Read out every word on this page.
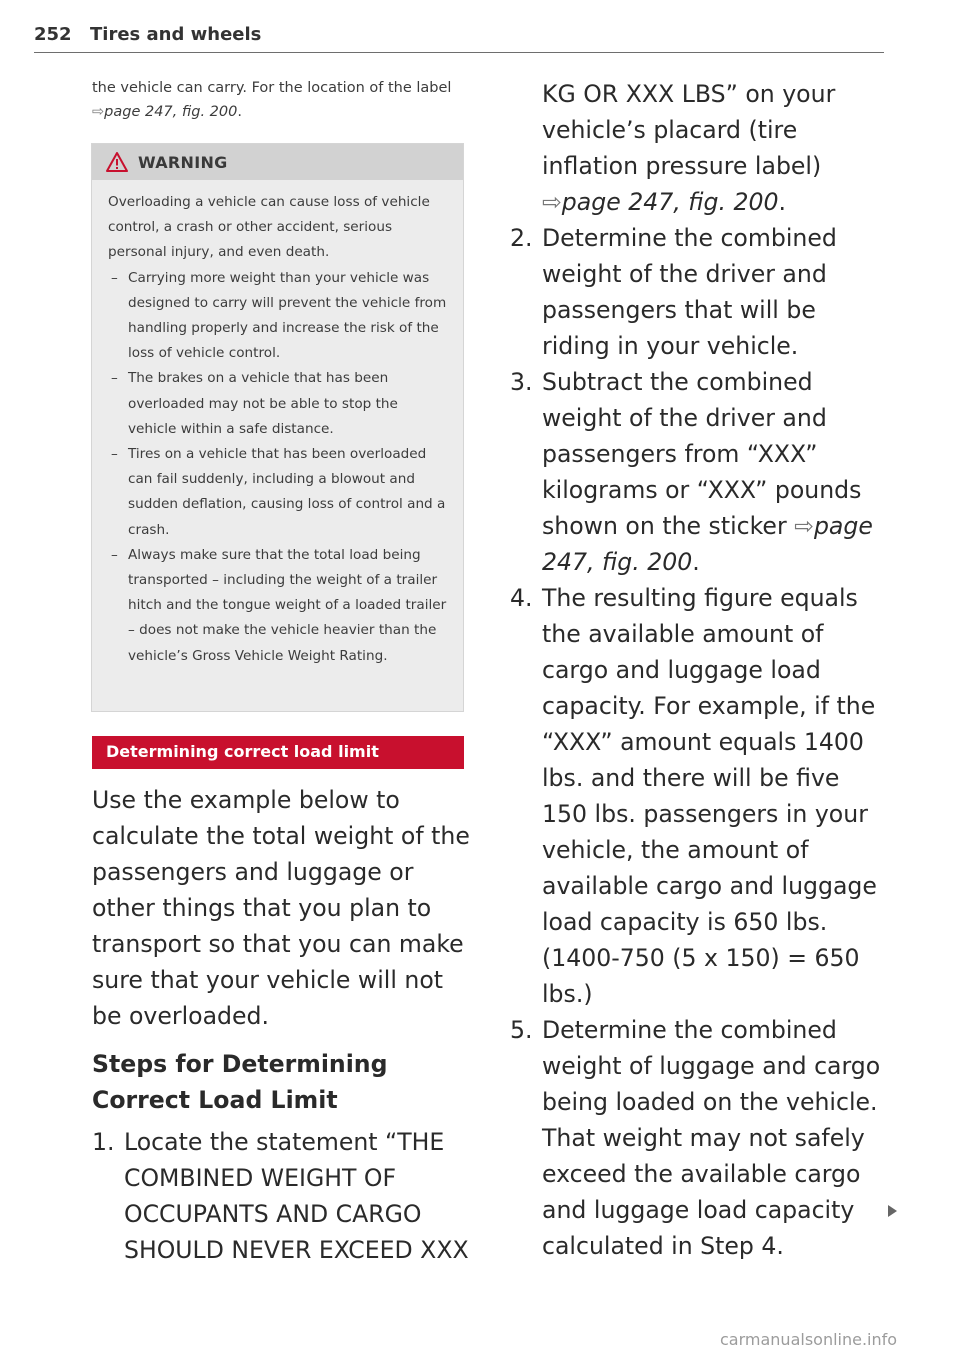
252 Tires and wheels
the vehicle can carry. For the location of the label ⇨page 247, fig. 200.
WARNING

Overloading a vehicle can cause loss of vehicle control, a crash or other accident, serious personal injury, and even death.

– Carrying more weight than your vehicle was designed to carry will prevent the vehicle from handling properly and increase the risk of the loss of vehicle control.
– The brakes on a vehicle that has been overloaded may not be able to stop the vehicle within a safe distance.
– Tires on a vehicle that has been overloaded can fail suddenly, including a blowout and sudden deflation, causing loss of control and a crash.
– Always make sure that the total load being transported – including the weight of a trailer hitch and the tongue weight of a loaded trailer – does not make the vehicle heavier than the vehicle’s Gross Vehicle Weight Rating.
Determining correct load limit
Use the example below to calculate the total weight of the passengers and luggage or other things that you plan to transport so that you can make sure that your vehicle will not be overloaded.
Steps for Determining Correct Load Limit
1. Locate the statement “THE COMBINED WEIGHT OF OCCUPANTS AND CARGO SHOULD NEVER EXCEED XXX
KG OR XXX LBS” on your vehicle’s placard (tire inflation pressure label) ⇨page 247, fig. 200.
2. Determine the combined weight of the driver and passengers that will be riding in your vehicle.
3. Subtract the combined weight of the driver and passengers from “XXX” kilograms or “XXX” pounds shown on the sticker ⇨page 247, fig. 200.
4. The resulting figure equals the available amount of cargo and luggage load capacity. For example, if the “XXX” amount equals 1400 lbs. and there will be five 150 lbs. passengers in your vehicle, the amount of available cargo and luggage load capacity is 650 lbs. (1400-750 (5 x 150) = 650 lbs.)
5. Determine the combined weight of luggage and cargo being loaded on the vehicle. That weight may not safely exceed the available cargo and luggage load capacity calculated in Step 4.
carmanualsonline.info
